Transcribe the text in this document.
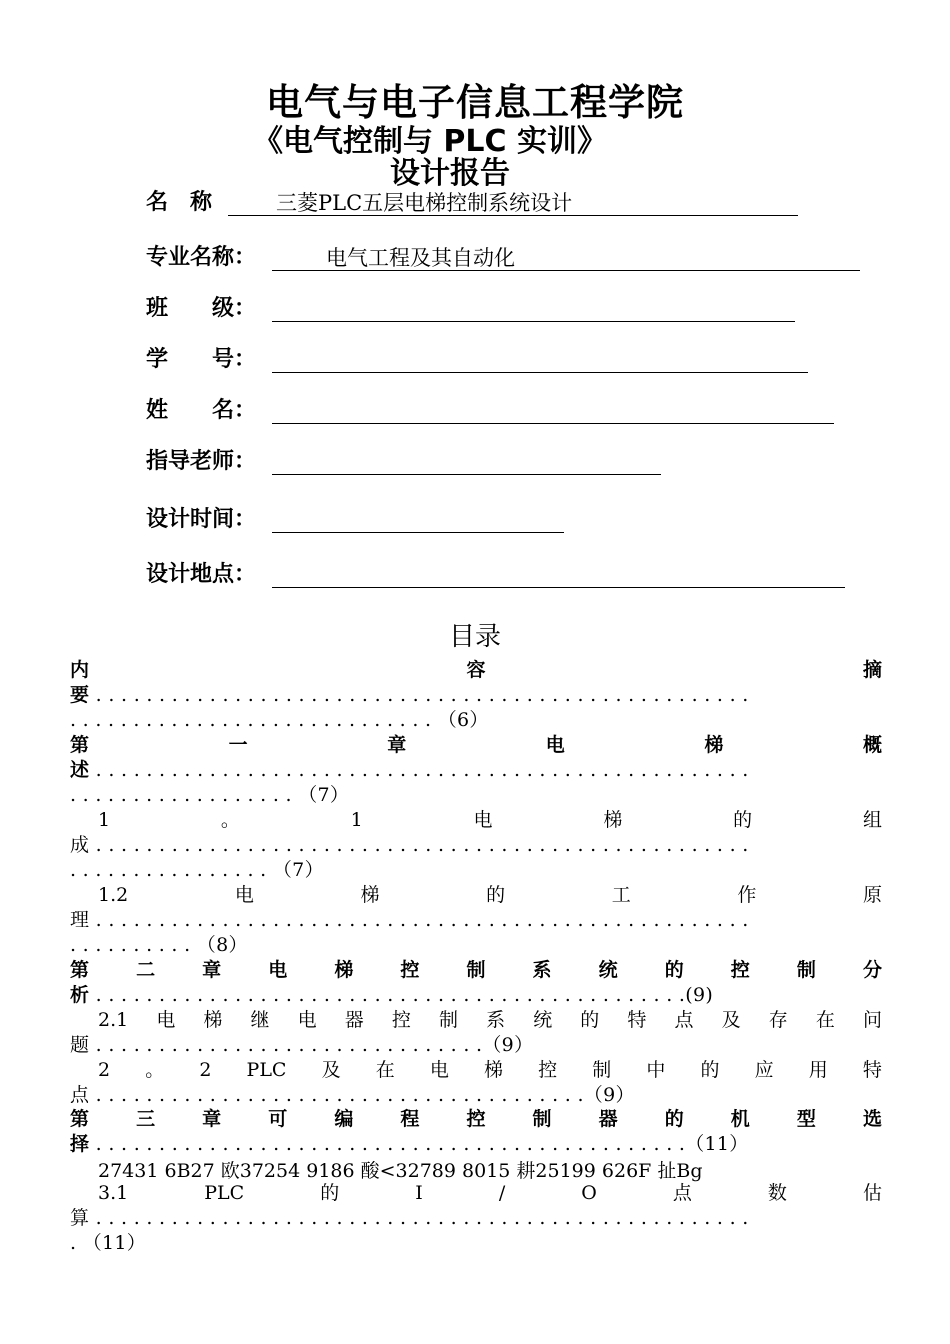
电气与电子信息工程学院
《电气控制与 PLC 实训》
设计报告
名　称	三菱PLC五层电梯控制系统设计
专业名称：	电气工程及其自动化
班　　级：
学　　号：
姓　　名：
指导老师：
设计时间：
设计地点：
目录
内	容	摘
要 . . . . . . . . . . . . . . . . . . . . . . . . . . . . . . . . . . . . . . . . . . . . . . . . . . . .
. . . . . . . . . . . . . . . . . . . . . . . . . . . . . （6）
第	一	章	电	梯	概
述 . . . . . . . . . . . . . . . . . . . . . . . . . . . . . . . . . . . . . . . . . . . . . . . . . . . .
. . . . . . . . . . . . . . . . . . （7）
1	。	1	电	梯	的	组
成 . . . . . . . . . . . . . . . . . . . . . . . . . . . . . . . . . . . . . . . . . . . . . . . . . . . .
. . . . . . . . . . . . . . . . （7）
1.2	电	梯	的	工	作	原
理 . . . . . . . . . . . . . . . . . . . . . . . . . . . . . . . . . . . . . . . . . . . . . . . . . . . .
. . . . . . . . . . （8）
第 二 章 电 梯 控 制 系 统 的 控 制 分
析 . . . . . . . . . . . . . . . . . . . . . . . . . . . . . . . . . . . . . . . . . . . . . . .(9)
2.1 电 梯 继 电 器 控 制 系 统 的 特 点 及 存 在 问
题 . . . . . . . . . . . . . . . . . . . . . . . . . . . . . . .（9）
2 。 2 PLC 及 在 电 梯 控 制 中 的 应 用 特
点 . . . . . . . . . . . . . . . . . . . . . . . . . . . . . . . . . . . . . . .（9）
第 三 章 可 编 程 控 制 器 的 机 型 选
择 . . . . . . . . . . . . . . . . . . . . . . . . . . . . . . . . . . . . . . . . . . . . . . .（11）
3.1	PLC	的	I	/	O	点	数	估
算 . . . . . . . . . . . . . . . . . . . . . . . . . . . . . . . . . . . . . . . . . . . . . . . . . . . .
. （11）
27431 6B27 欧37254 9186 酸<32789 8015 耕25199 626F 扯Bg
